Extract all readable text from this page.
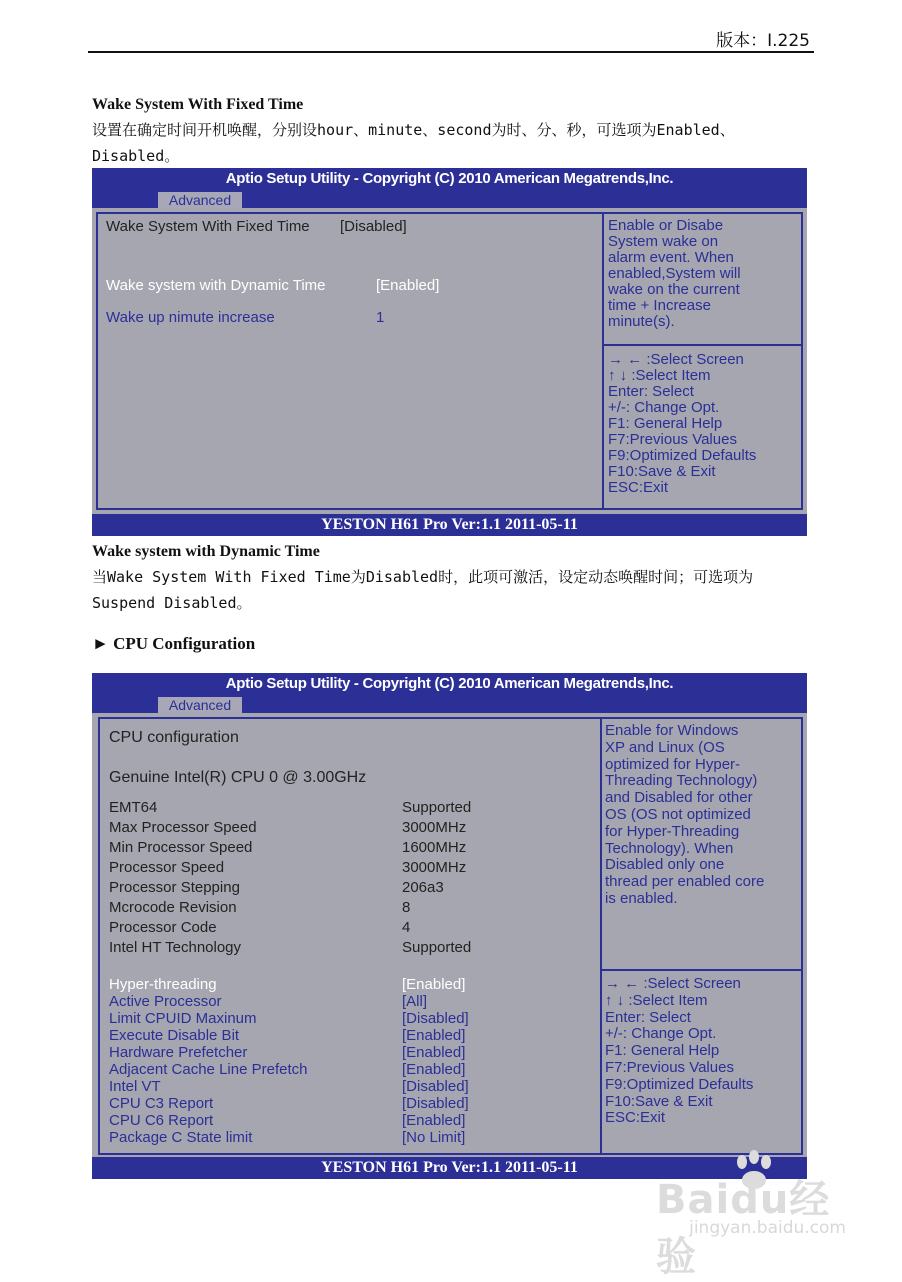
版本：I.225
Wake System With Fixed Time
设置在确定时间开机唤醒，分别设hour、minute、second为时、分、秒，可选项为Enabled、Disabled。
Aptio Setup Utility - Copyright (C) 2010 American Megatrends,Inc.
Advanced
Wake System With Fixed Time [Disabled]
Wake system with Dynamic Time	[Enabled]
Wake up nimute increase	1
Enable or Disabe
System wake on
alarm event. When
enabled,System will
wake on the current
time + Increase
minute(s).
→ ← :Select Screen
↑ ↓ :Select Item
Enter: Select
+/-: Change Opt.
F1: General Help
F7:Previous Values
F9:Optimized Defaults
F10:Save & Exit
ESC:Exit
YESTON H61 Pro Ver:1.1 2011-05-11
Wake system with Dynamic Time
当Wake System With Fixed Time为Disabled时，此项可激活，设定动态唤醒时间；可选项为Suspend Disabled。
► CPU Configuration
Aptio Setup Utility - Copyright (C) 2010 American Megatrends,Inc.
Advanced
CPU configuration
Genuine Intel(R) CPU 0 @ 3.00GHz
EMT64	Supported
Max Processor Speed	3000MHz
Min Processor Speed	1600MHz
Processor Speed	3000MHz
Processor Stepping	206a3
Mcrocode Revision	8
Processor Code	4
Intel HT Technology	Supported
Hyper-threading	[Enabled]
Active Processor	[All]
Limit CPUID Maxinum	[Disabled]
Execute Disable Bit	[Enabled]
Hardware Prefetcher	[Enabled]
Adjacent Cache Line Prefetch	[Enabled]
Intel VT	[Disabled]
CPU C3 Report	[Disabled]
CPU C6 Report	[Enabled]
Package C State limit	[No Limit]
Enable for Windows
XP and Linux (OS
optimized for Hyper-
Threading Technology)
and Disabled for other
OS (OS not optimized
for Hyper-Threading
Technology). When
Disabled only one
thread per enabled core
is enabled.
→ ← :Select Screen
↑ ↓ :Select Item
Enter: Select
+/-: Change Opt.
F1: General Help
F7:Previous Values
F9:Optimized Defaults
F10:Save & Exit
ESC:Exit
YESTON H61 Pro Ver:1.1 2011-05-11
Baidu经验
jingyan.baidu.com
